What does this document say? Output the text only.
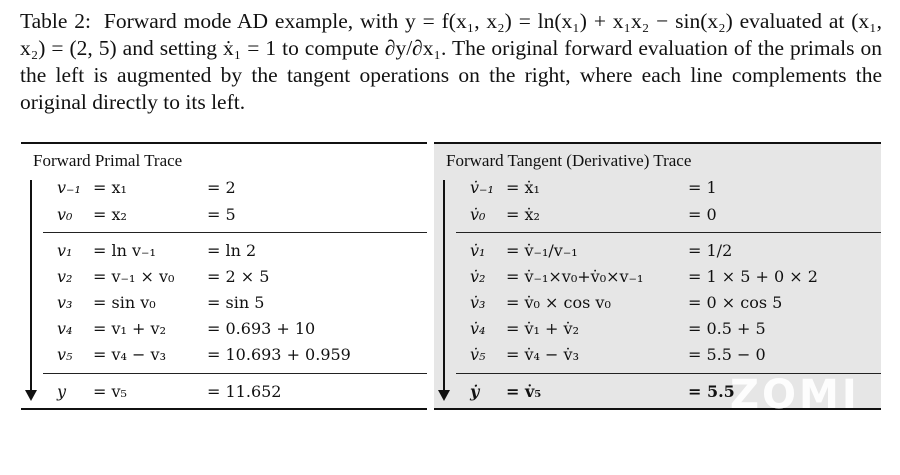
Table 2: Forward mode AD example, with y = f(x₁, x₂) = ln(x₁) + x₁x₂ − sin(x₂) evaluated at (x₁, x₂) = (2, 5) and setting ẋ₁ = 1 to compute ∂y/∂x₁. The original forward evaluation of the primals on the left is augmented by the tangent operations on the right, where each line complements the original directly to its left.
Forward Primal Trace
v₋₁ = x₁	= 2
v₀ = x₂	= 5
v₁ = ln v₋₁	= ln 2
v₂ = v₋₁ × v₀ = 2 × 5
v₃ = sin v₀	= sin 5
v₄ = v₁ + v₂	= 0.693 + 10
v₅ = v₄ − v₃	= 10.693 + 0.959
y = v₅	= 11.652
Forward Tangent (Derivative) Trace
v̇₋₁ = ẋ₁	= 1
v̇₀ = ẋ₂	= 0
v̇₁ = v̇₋₁/v₋₁	= 1/2
v̇₂ = v̇₋₁×v₀+v̇₀×v₋₁	= 1 × 5 + 0 × 2
v̇₃ = v̇₀ × cos v₀	= 0 × cos 5
v̇₄ = v̇₁ + v̇₂	= 0.5 + 5
v̇₅ = v̇₄ − v̇₃	= 5.5 − 0
ẏ = v̇₅	= 5.5
ZOMI酱
